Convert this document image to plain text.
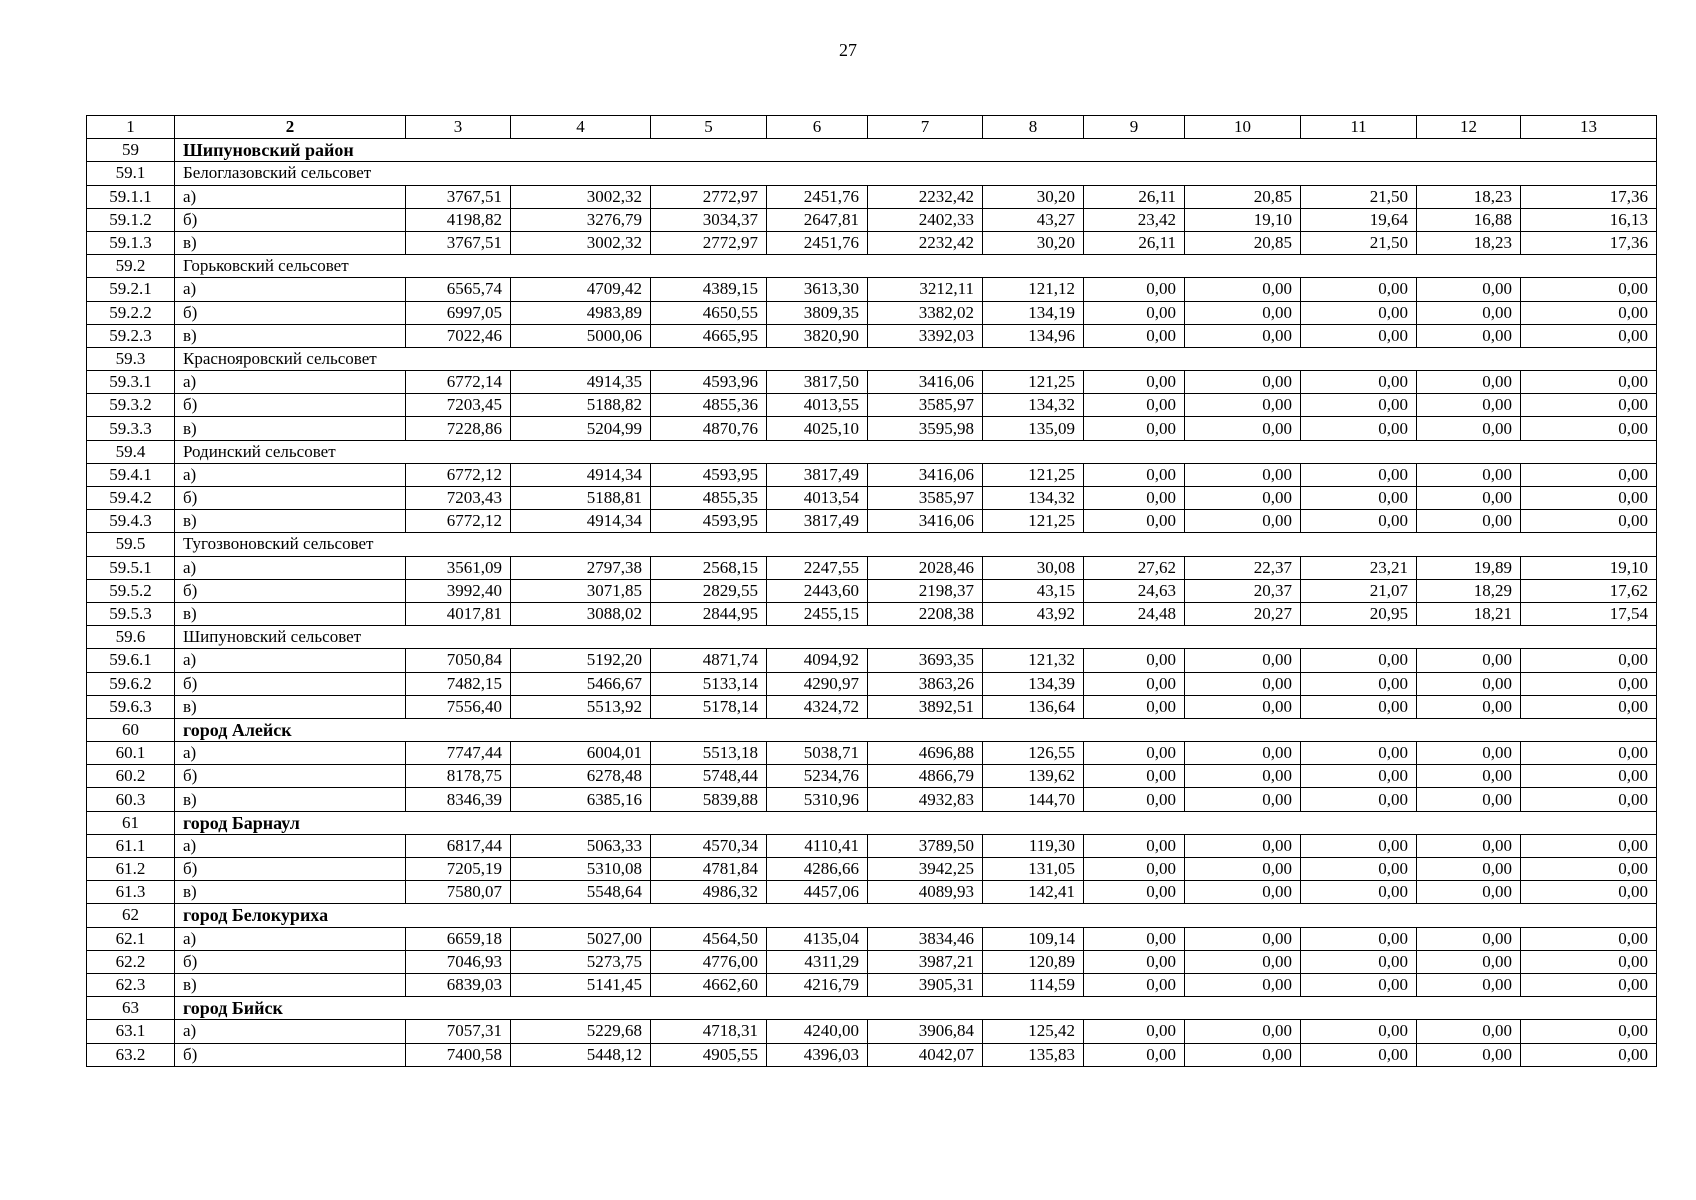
27
1	2	3	4	5	6	7	8	9	10	11	12	13
59	Шипуновский район											
59.1	Белоглазовский сельсовет											
59.1.1	а)	3767,51	3002,32	2772,97	2451,76	2232,42	30,20	26,11	20,85	21,50	18,23	17,36
59.1.2	б)	4198,82	3276,79	3034,37	2647,81	2402,33	43,27	23,42	19,10	19,64	16,88	16,13
59.1.3	в)	3767,51	3002,32	2772,97	2451,76	2232,42	30,20	26,11	20,85	21,50	18,23	17,36
59.2	Горьковский сельсовет											
59.2.1	а)	6565,74	4709,42	4389,15	3613,30	3212,11	121,12	0,00	0,00	0,00	0,00	0,00
59.2.2	б)	6997,05	4983,89	4650,55	3809,35	3382,02	134,19	0,00	0,00	0,00	0,00	0,00
59.2.3	в)	7022,46	5000,06	4665,95	3820,90	3392,03	134,96	0,00	0,00	0,00	0,00	0,00
59.3	Краснояровский сельсовет											
59.3.1	а)	6772,14	4914,35	4593,96	3817,50	3416,06	121,25	0,00	0,00	0,00	0,00	0,00
59.3.2	б)	7203,45	5188,82	4855,36	4013,55	3585,97	134,32	0,00	0,00	0,00	0,00	0,00
59.3.3	в)	7228,86	5204,99	4870,76	4025,10	3595,98	135,09	0,00	0,00	0,00	0,00	0,00
59.4	Родинский сельсовет											
59.4.1	а)	6772,12	4914,34	4593,95	3817,49	3416,06	121,25	0,00	0,00	0,00	0,00	0,00
59.4.2	б)	7203,43	5188,81	4855,35	4013,54	3585,97	134,32	0,00	0,00	0,00	0,00	0,00
59.4.3	в)	6772,12	4914,34	4593,95	3817,49	3416,06	121,25	0,00	0,00	0,00	0,00	0,00
59.5	Тугозвоновский сельсовет											
59.5.1	а)	3561,09	2797,38	2568,15	2247,55	2028,46	30,08	27,62	22,37	23,21	19,89	19,10
59.5.2	б)	3992,40	3071,85	2829,55	2443,60	2198,37	43,15	24,63	20,37	21,07	18,29	17,62
59.5.3	в)	4017,81	3088,02	2844,95	2455,15	2208,38	43,92	24,48	20,27	20,95	18,21	17,54
59.6	Шипуновский сельсовет											
59.6.1	а)	7050,84	5192,20	4871,74	4094,92	3693,35	121,32	0,00	0,00	0,00	0,00	0,00
59.6.2	б)	7482,15	5466,67	5133,14	4290,97	3863,26	134,39	0,00	0,00	0,00	0,00	0,00
59.6.3	в)	7556,40	5513,92	5178,14	4324,72	3892,51	136,64	0,00	0,00	0,00	0,00	0,00
60	город Алейск											
60.1	а)	7747,44	6004,01	5513,18	5038,71	4696,88	126,55	0,00	0,00	0,00	0,00	0,00
60.2	б)	8178,75	6278,48	5748,44	5234,76	4866,79	139,62	0,00	0,00	0,00	0,00	0,00
60.3	в)	8346,39	6385,16	5839,88	5310,96	4932,83	144,70	0,00	0,00	0,00	0,00	0,00
61	город Барнаул											
61.1	а)	6817,44	5063,33	4570,34	4110,41	3789,50	119,30	0,00	0,00	0,00	0,00	0,00
61.2	б)	7205,19	5310,08	4781,84	4286,66	3942,25	131,05	0,00	0,00	0,00	0,00	0,00
61.3	в)	7580,07	5548,64	4986,32	4457,06	4089,93	142,41	0,00	0,00	0,00	0,00	0,00
62	город Белокуриха											
62.1	а)	6659,18	5027,00	4564,50	4135,04	3834,46	109,14	0,00	0,00	0,00	0,00	0,00
62.2	б)	7046,93	5273,75	4776,00	4311,29	3987,21	120,89	0,00	0,00	0,00	0,00	0,00
62.3	в)	6839,03	5141,45	4662,60	4216,79	3905,31	114,59	0,00	0,00	0,00	0,00	0,00
63	город Бийск											
63.1	а)	7057,31	5229,68	4718,31	4240,00	3906,84	125,42	0,00	0,00	0,00	0,00	0,00
63.2	б)	7400,58	5448,12	4905,55	4396,03	4042,07	135,83	0,00	0,00	0,00	0,00	0,00
